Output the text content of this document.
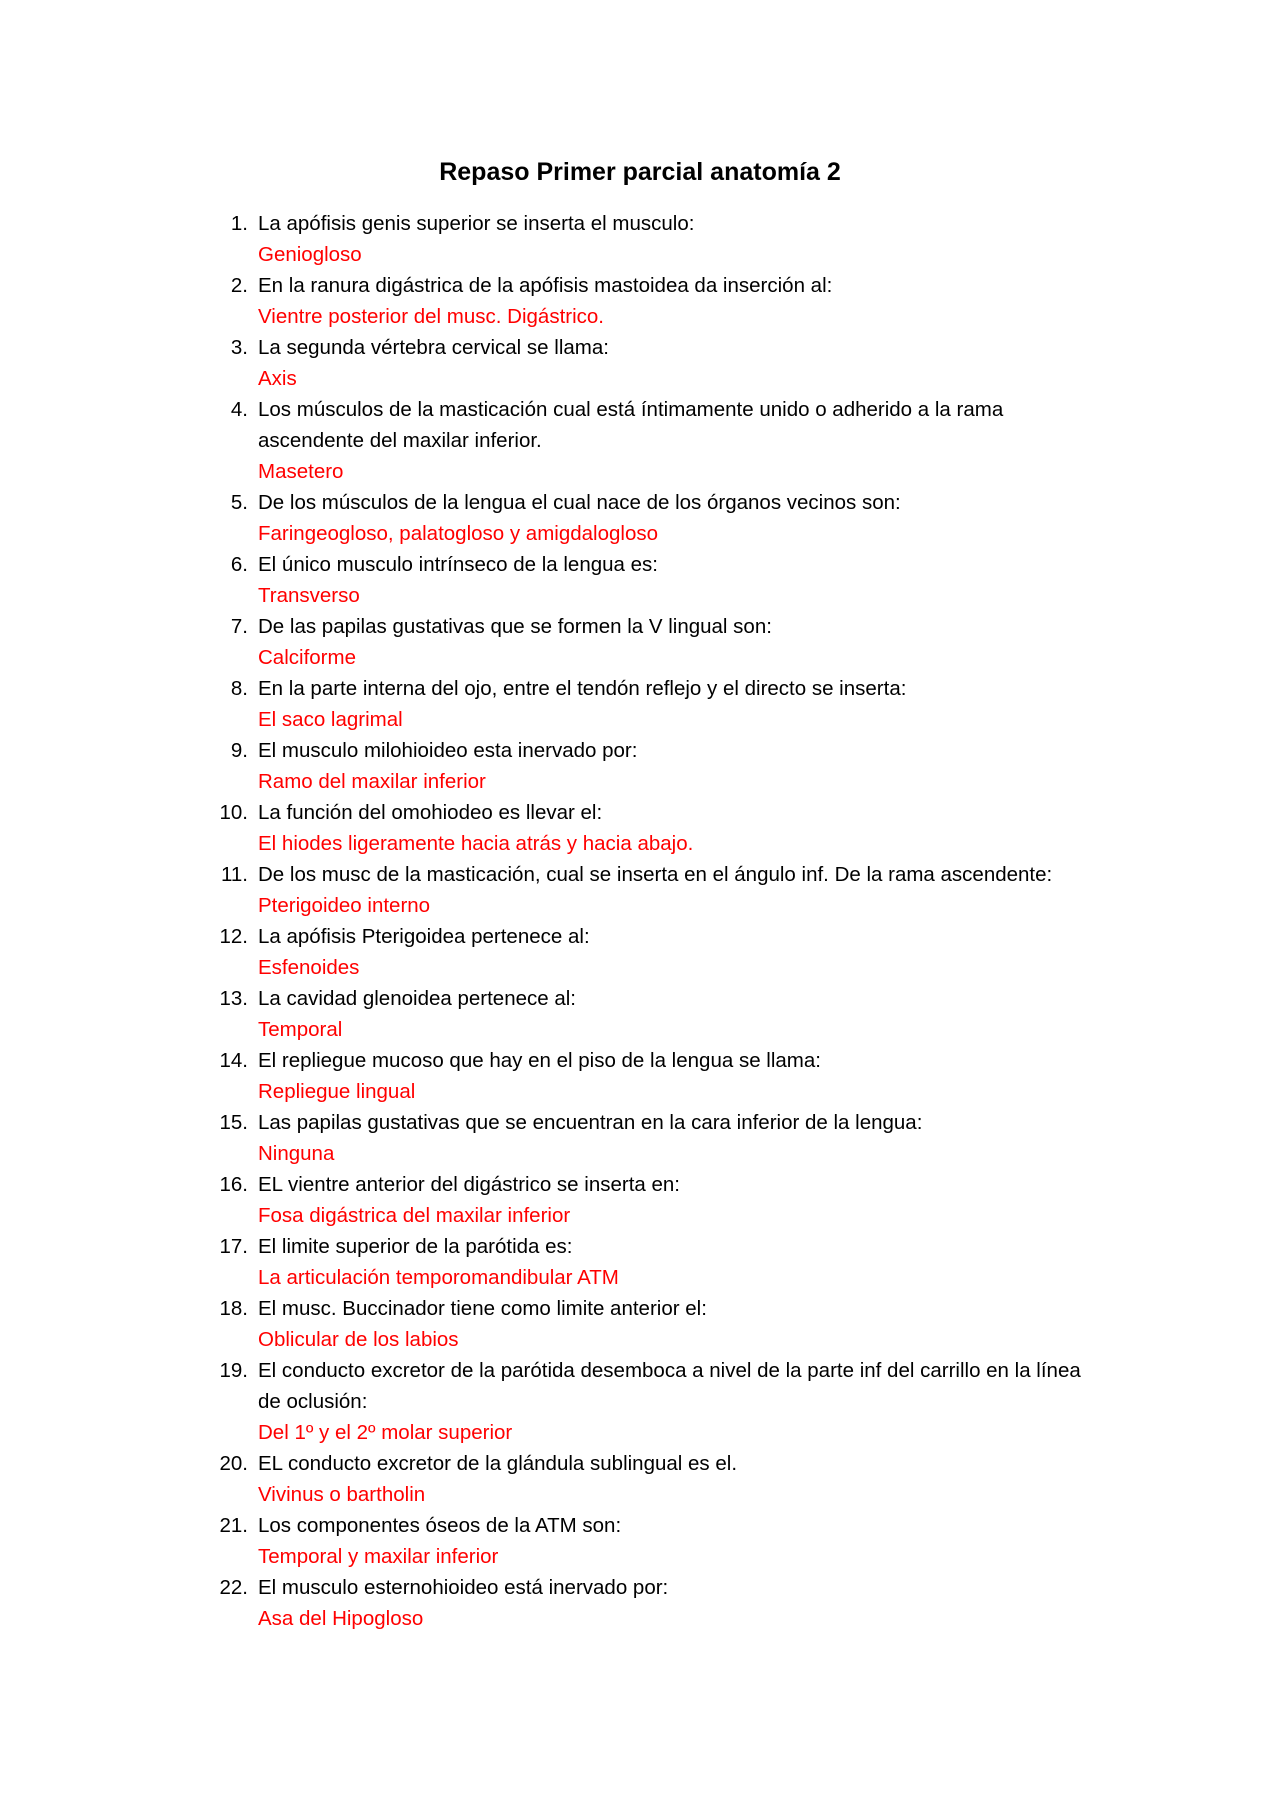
Repaso Primer parcial anatomía 2
1. La apófisis genis superior se inserta el musculo:
Geniogloso
2. En la ranura digástrica de la apófisis mastoidea da inserción al:
Vientre posterior del musc. Digástrico.
3. La segunda vértebra cervical se llama:
Axis
4. Los músculos de la masticación cual está íntimamente unido o adherido a la rama ascendente del maxilar inferior.
Masetero
5. De los músculos de la lengua el cual nace de los órganos vecinos son:
Faringeogloso, palatogloso y amigdalogloso
6. El único musculo intrínseco de la lengua es:
Transverso
7. De las papilas gustativas que se formen la V lingual son:
Calciforme
8. En la parte interna del ojo, entre el tendón reflejo y el directo se inserta:
El saco lagrimal
9. El musculo milohioideo esta inervado por:
Ramo del maxilar inferior
10. La función del omohiodeo es llevar el:
El hiodes ligeramente hacia atrás y hacia abajo.
11. De los musc de la masticación, cual se inserta en el ángulo inf. De la rama ascendente:
Pterigoideo interno
12. La apófisis Pterigoidea pertenece al:
Esfenoides
13. La cavidad glenoidea pertenece al:
Temporal
14. El repliegue mucoso que hay en el piso de la lengua se llama:
Repliegue lingual
15. Las papilas gustativas que se encuentran en la cara inferior de la lengua:
Ninguna
16. EL vientre anterior del digástrico se inserta en:
Fosa digástrica del maxilar inferior
17. El limite superior de la parótida es:
La articulación temporomandibular ATM
18. El musc. Buccinador tiene como limite anterior el:
Oblicular de los labios
19. El conducto excretor de la parótida desemboca a nivel de la parte inf del carrillo en la línea de oclusión:
Del 1º y el 2º molar superior
20. EL conducto excretor de la glándula sublingual es el.
Vivinus o bartholin
21. Los componentes óseos de la ATM son:
Temporal y maxilar inferior
22. El musculo esternohioideo está inervado por:
Asa del Hipogloso
